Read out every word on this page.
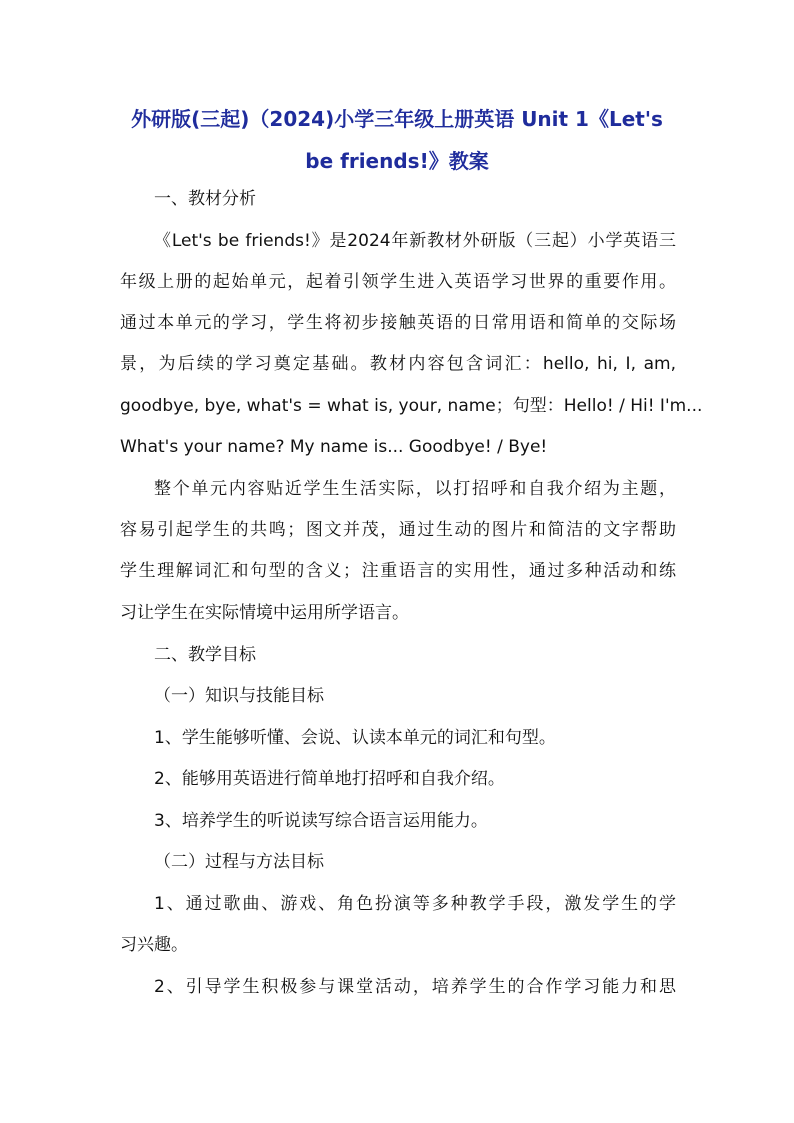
外研版(三起)（2024)小学三年级上册英语 Unit 1《Let's
be friends!》教案
一、教材分析
《Let's be friends!》是2024年新教材外研版（三起）小学英语三
年级上册的起始单元，起着引领学生进入英语学习世界的重要作用。
通过本单元的学习，学生将初步接触英语的日常用语和简单的交际场
景，为后续的学习奠定基础。教材内容包含词汇：hello, hi, I, am,
goodbye, bye, what's = what is, your, name；句型：Hello! / Hi! I'm...
What's your name? My name is... Goodbye! / Bye!
整个单元内容贴近学生生活实际，以打招呼和自我介绍为主题，
容易引起学生的共鸣；图文并茂，通过生动的图片和简洁的文字帮助
学生理解词汇和句型的含义；注重语言的实用性，通过多种活动和练
习让学生在实际情境中运用所学语言。
二、教学目标
（一）知识与技能目标
1、学生能够听懂、会说、认读本单元的词汇和句型。
2、能够用英语进行简单地打招呼和自我介绍。
3、培养学生的听说读写综合语言运用能力。
（二）过程与方法目标
1、通过歌曲、游戏、角色扮演等多种教学手段，激发学生的学
习兴趣。
2、引导学生积极参与课堂活动，培养学生的合作学习能力和思
